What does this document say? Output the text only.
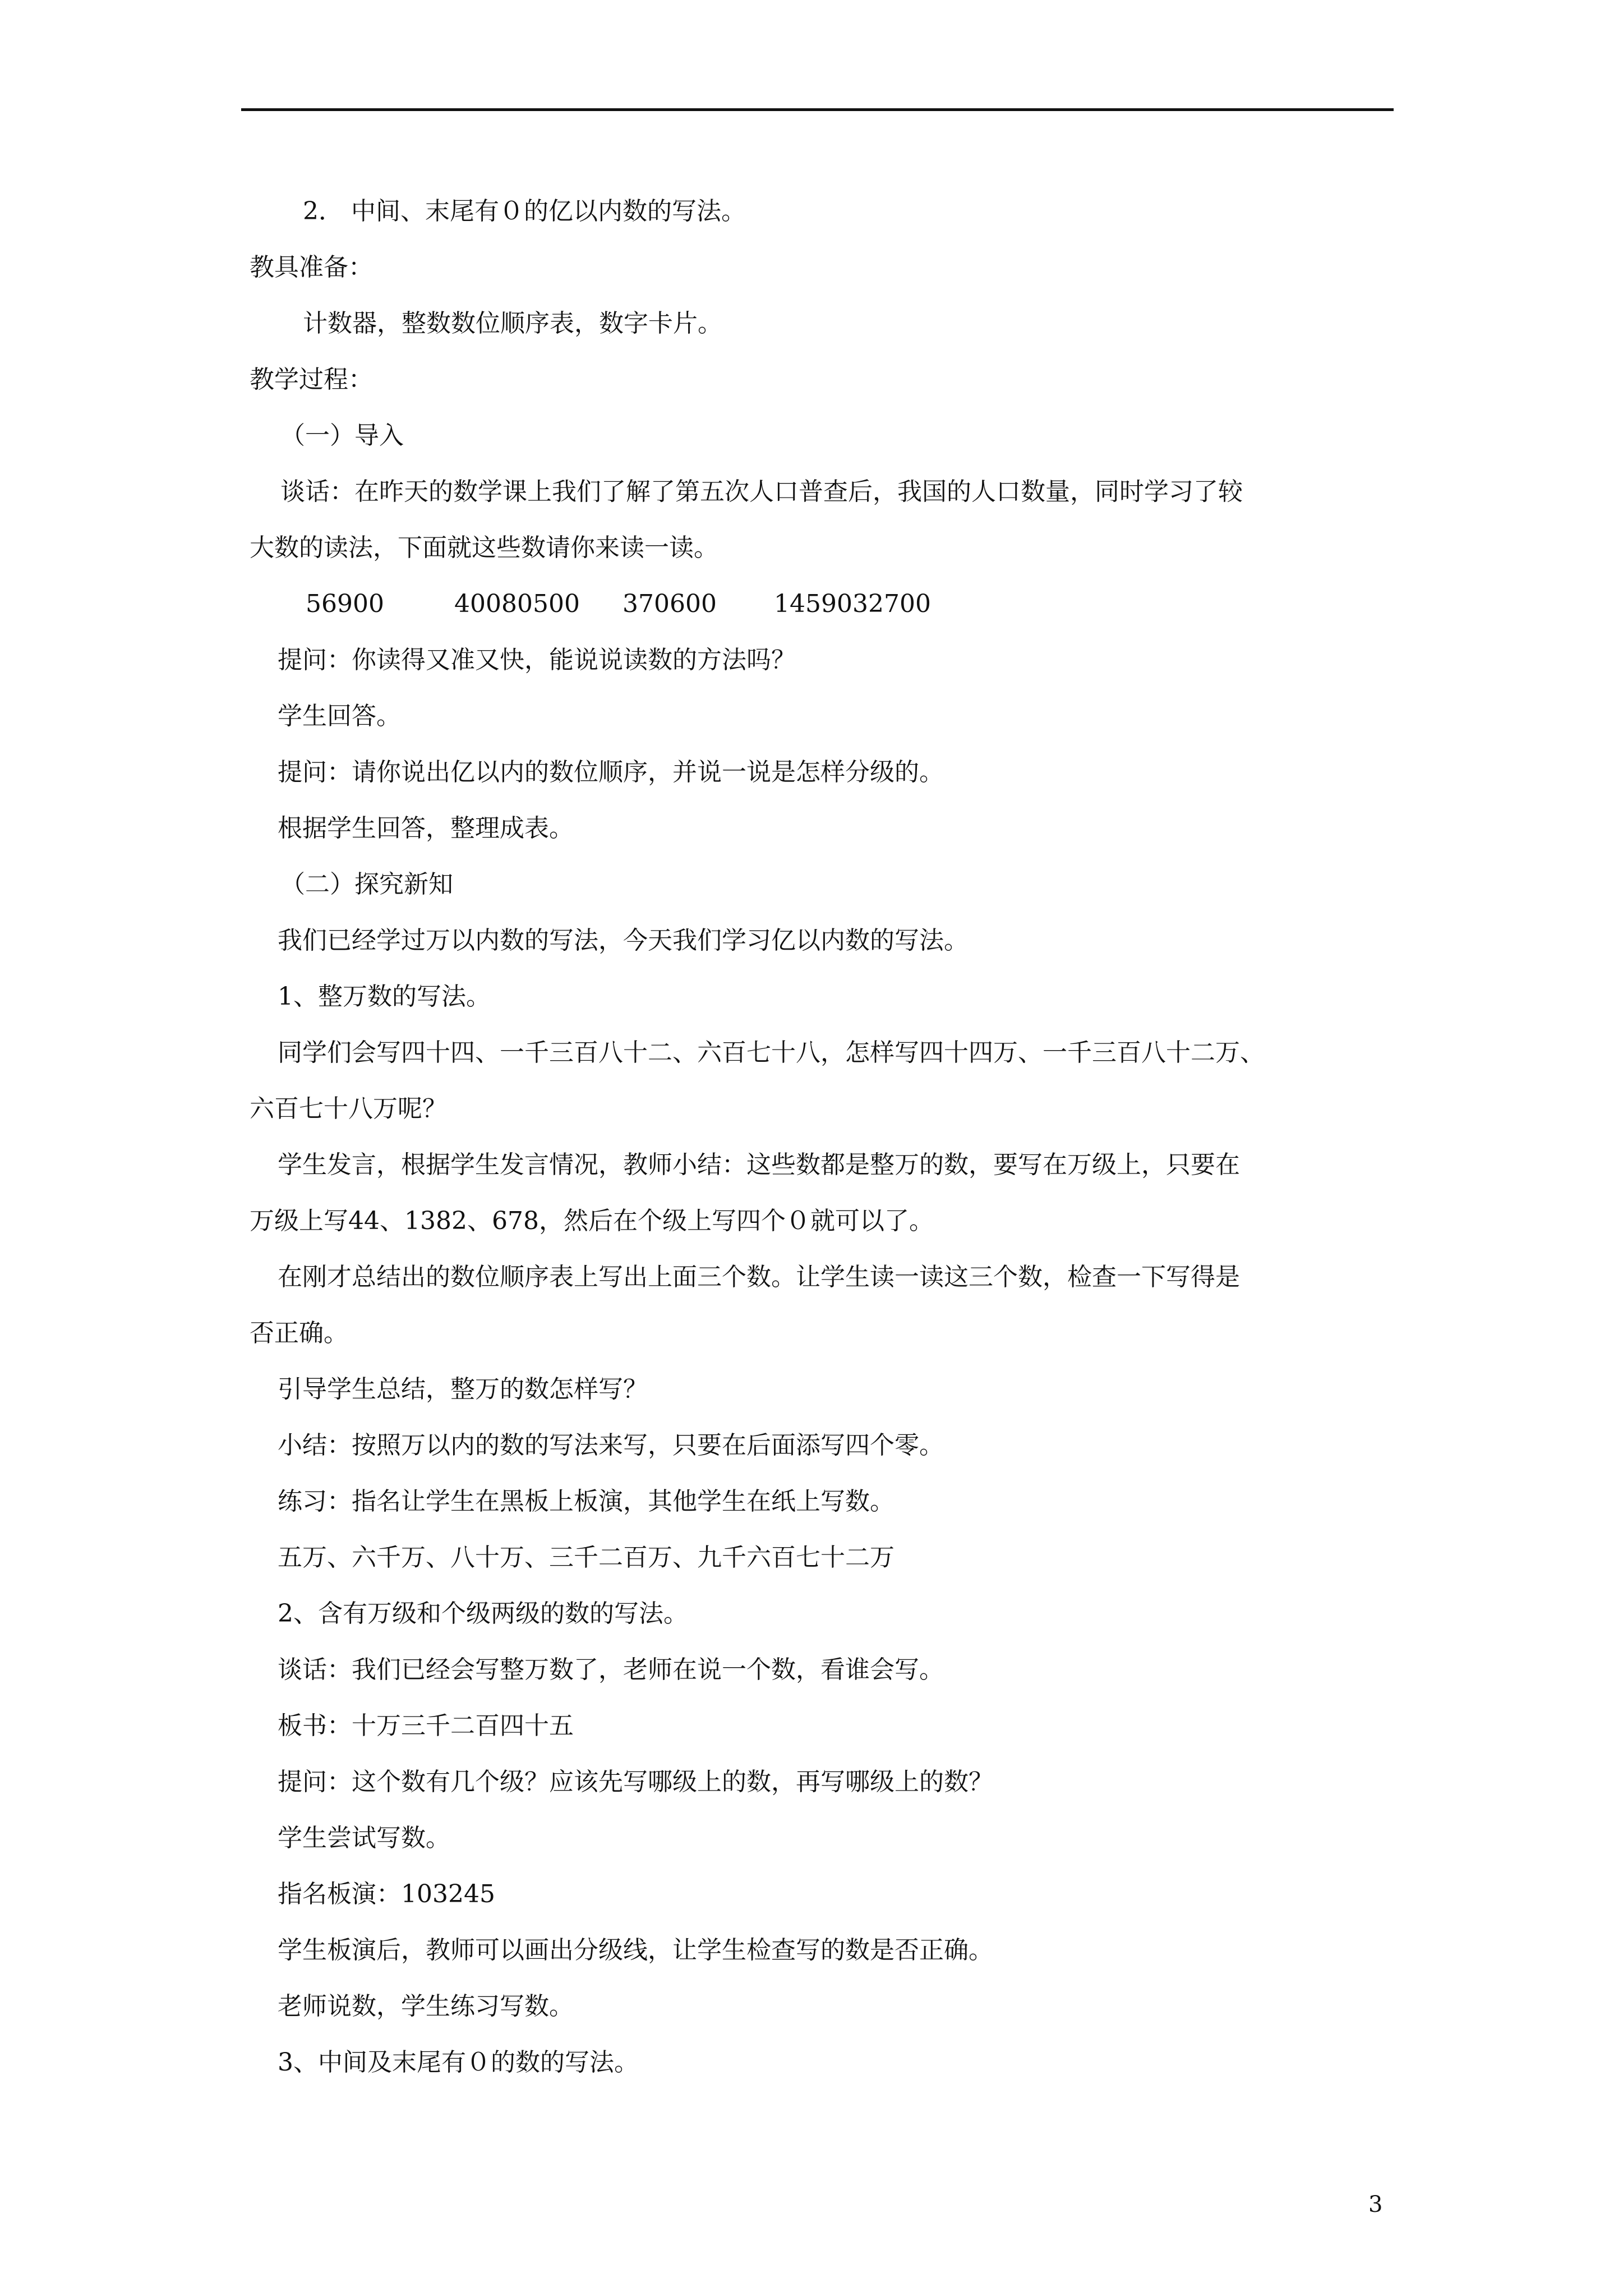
2． 中间、末尾有０的亿以内数的写法。
教具准备：
计数器，整数数位顺序表，数字卡片。
教学过程：
（一）导入
谈话：在昨天的数学课上我们了解了第五次人口普查后，我国的人口数量，同时学习了较
大数的读法，下面就这些数请你来读一读。
56900	40080500 370600 1459032700
提问：你读得又准又快，能说说读数的方法吗？
学生回答。
提问：请你说出亿以内的数位顺序，并说一说是怎样分级的。
根据学生回答，整理成表。
（二）探究新知
我们已经学过万以内数的写法，今天我们学习亿以内数的写法。
1、整万数的写法。
同学们会写四十四、一千三百八十二、六百七十八，怎样写四十四万、一千三百八十二万、
六百七十八万呢？
学生发言，根据学生发言情况，教师小结：这些数都是整万的数，要写在万级上，只要在
万级上写44、1382、678，然后在个级上写四个０就可以了。
在刚才总结出的数位顺序表上写出上面三个数。让学生读一读这三个数，检查一下写得是
否正确。
引导学生总结，整万的数怎样写？
小结：按照万以内的数的写法来写，只要在后面添写四个零。
练习：指名让学生在黑板上板演，其他学生在纸上写数。
五万、六千万、八十万、三千二百万、九千六百七十二万
2、含有万级和个级两级的数的写法。
谈话：我们已经会写整万数了，老师在说一个数，看谁会写。
板书：十万三千二百四十五
提问：这个数有几个级？应该先写哪级上的数，再写哪级上的数？
学生尝试写数。
指名板演：103245
学生板演后，教师可以画出分级线，让学生检查写的数是否正确。
老师说数，学生练习写数。
3、中间及末尾有０的数的写法。
3
